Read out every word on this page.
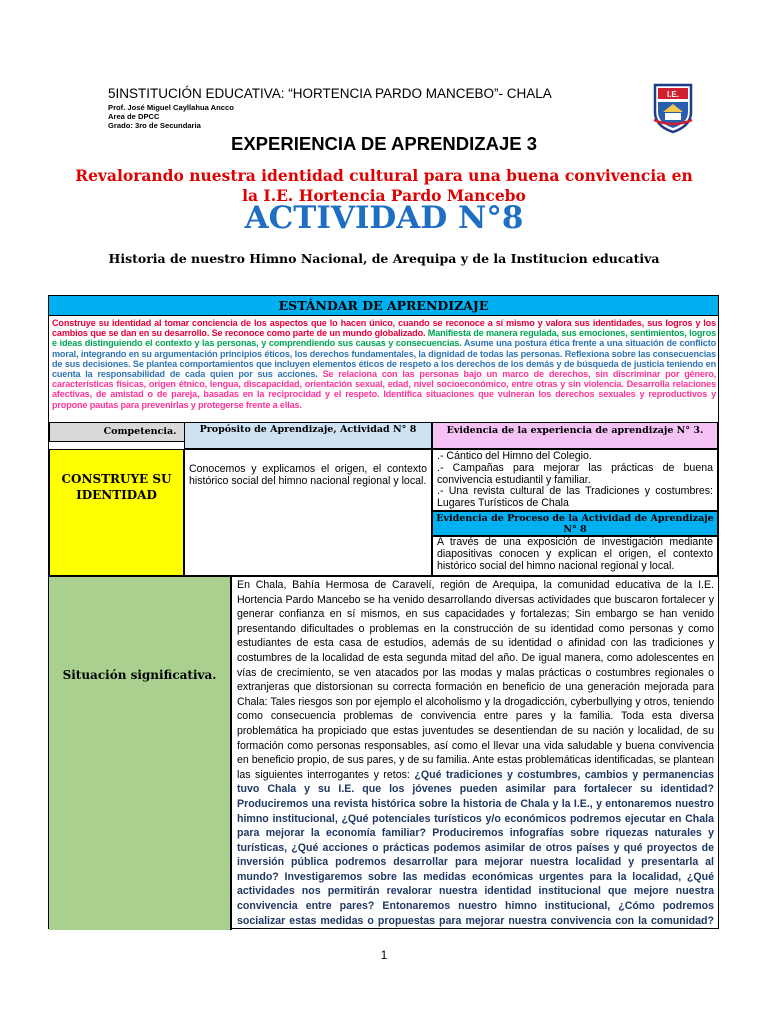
5INSTITUCIÓN EDUCATIVA: “HORTENCIA PARDO MANCEBO”- CHALA
Prof. José Miguel Cayllahua Ancco
Area de DPCC
Grado: 3ro de Secundaria
I.E.
EXPERIENCIA DE APRENDIZAJE 3
Revalorando nuestra identidad cultural para una buena convivencia en la I.E. Hortencia Pardo Mancebo
ACTIVIDAD N°8
Historia de nuestro Himno Nacional, de Arequipa y de la Institucion educativa
ESTÁNDAR DE APRENDIZAJE
Construye su identidad al tomar conciencia de los aspectos que lo hacen único, cuando se reconoce a sí mismo y valora sus identidades, sus logros y los cambios que se dan en su desarrollo. Se reconoce como parte de un mundo globalizado. Manifiesta de manera regulada, sus emociones, sentimientos, logros e ideas distinguiendo el contexto y las personas, y comprendiendo sus causas y consecuencias. Asume una postura ética frente a una situación de conflicto moral, integrando en su argumentación principios éticos, los derechos fundamentales, la dignidad de todas las personas. Reflexiona sobre las consecuencias de sus decisiones. Se plantea comportamientos que incluyen elementos éticos de respeto a los derechos de los demás y de búsqueda de justicia teniendo en cuenta la responsabilidad de cada quien por sus acciones. Se relaciona con las personas bajo un marco de derechos, sin discriminar por género, características físicas, origen étnico, lengua, discapacidad, orientación sexual, edad, nivel socioeconómico, entre otras y sin violencia. Desarrolla relaciones afectivas, de amistad o de pareja, basadas en la reciprocidad y el respeto. Identifica situaciones que vulneran los derechos sexuales y reproductivos y propone pautas para prevenirlas y protegerse frente a ellas.
Competencia.	Propósito de Aprendizaje, Actividad N° 8	Evidencia de la experiencia de aprendizaje N° 3.
CONSTRUYE SU IDENTIDAD
Conocemos y explicamos el origen, el contexto histórico social del himno nacional regional y local.
.- Cántico del Himno del Colegio.
.- Campañas para mejorar las prácticas de buena convivencia estudiantil y familiar.
.- Una revista cultural de las Tradiciones y costumbres: Lugares Turísticos de Chala
Evidencia de Proceso de la Actividad de Aprendizaje N° 8
A través de una exposición de investigación mediante diapositivas conocen y explican el origen, el contexto histórico social del himno nacional regional y local.
Situación significativa.
En Chala, Bahía Hermosa de Caravelí, región de Arequipa, la comunidad educativa de la I.E. Hortencia Pardo Mancebo se ha venido desarrollando diversas actividades que buscaron fortalecer y generar confianza en sí mismos, en sus capacidades y fortalezas; Sin embargo se han venido presentando dificultades o problemas en la construcción de su identidad como personas y como estudiantes de esta casa de estudios, además de su identidad o afinidad con las tradiciones y costumbres de la localidad de esta segunda mitad del año. De igual manera, como adolescentes en vías de crecimiento, se ven atacados por las modas y malas prácticas o costumbres regionales o extranjeras que distorsionan su correcta formación en beneficio de una generación mejorada para Chala: Tales riesgos son por ejemplo el alcoholismo y la drogadicción, cyberbullying y otros, teniendo como consecuencia problemas de convivencia entre pares y la familia. Toda esta diversa problemática ha propiciado que estas juventudes se desentiendan de su nación y localidad, de su formación como personas responsables, así como el llevar una vida saludable y buena convivencia en beneficio propio, de sus pares, y de su familia. Ante estas problemáticas identificadas, se plantean las siguientes interrogantes y retos: ¿Qué tradiciones y costumbres, cambios y permanencias tuvo Chala y su I.E. que los jóvenes pueden asimilar para fortalecer su identidad? Produciremos una revista histórica sobre la historia de Chala y la I.E., y entonaremos nuestro himno institucional, ¿Qué potenciales turísticos y/o económicos podremos ejecutar en Chala para mejorar la economía familiar? Produciremos infografías sobre riquezas naturales y turísticas, ¿Qué acciones o prácticas podemos asimilar de otros países y qué proyectos de inversión pública podremos desarrollar para mejorar nuestra localidad y presentarla al mundo? Investigaremos sobre las medidas económicas urgentes para la localidad, ¿Qué actividades nos permitirán revalorar nuestra identidad institucional que mejore nuestra convivencia entre pares? Entonaremos nuestro himno institucional, ¿Cómo podremos socializar estas medidas o propuestas para mejorar nuestra convivencia con la comunidad?
1
